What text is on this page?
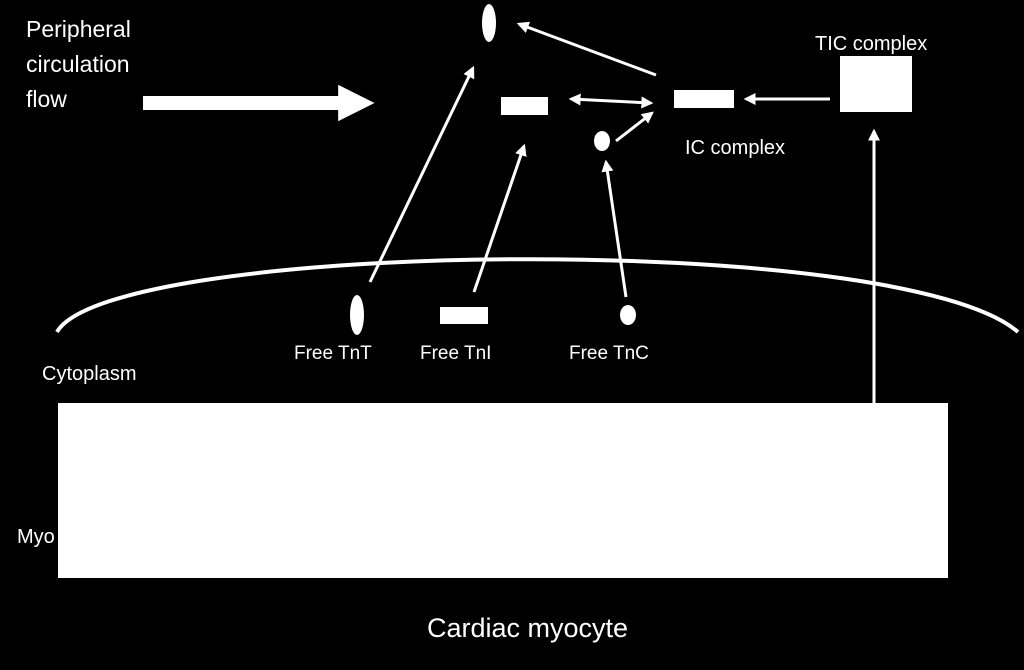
Peripheral circulation flow
TIC complex
IC complex
Free TnT	Free TnI	Free TnC
Cytoplasm
Myo
Cardiac myocyte
